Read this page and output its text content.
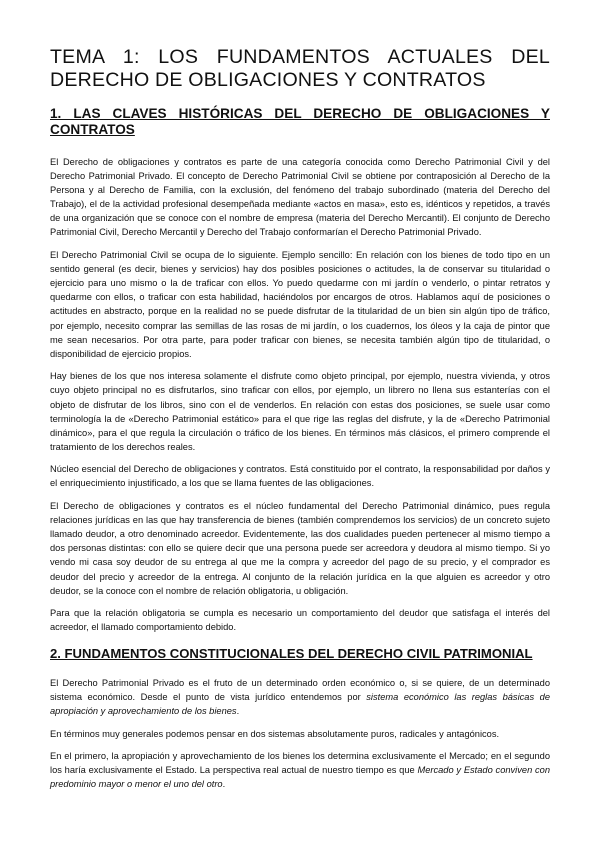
TEMA 1: LOS FUNDAMENTOS ACTUALES DEL DERECHO DE OBLIGACIONES Y CONTRATOS
1. LAS CLAVES HISTÓRICAS DEL DERECHO DE OBLIGACIONES Y CONTRATOS

El Derecho de obligaciones y contratos es parte de una categoría conocida como Derecho Patrimonial Civil y del Derecho Patrimonial Privado. El concepto de Derecho Patrimonial Civil se obtiene por contraposición al Derecho de la Persona y al Derecho de Familia, con la exclusión, del fenómeno del trabajo subordinado (materia del Derecho del Trabajo), el de la actividad profesional desempeñada mediante «actos en masa», esto es, idénticos y repetidos, a través de una organización que se conoce con el nombre de empresa (materia del Derecho Mercantil). El conjunto de Derecho Patrimonial Civil, Derecho Mercantil y Derecho del Trabajo conformarían el Derecho Patrimonial Privado.

El Derecho Patrimonial Civil se ocupa de lo siguiente. Ejemplo sencillo: En relación con los bienes de todo tipo en un sentido general (es decir, bienes y servicios) hay dos posibles posiciones o actitudes, la de conservar su titularidad o ejercicio para uno mismo o la de traficar con ellos. Yo puedo quedarme con mi jardín o venderlo, o pintar retratos y quedarme con ellos, o traficar con esta habilidad, haciéndolos por encargos de otros. Hablamos aquí de posiciones o actitudes en abstracto, porque en la realidad no se puede disfrutar de la titularidad de un bien sin algún tipo de tráfico, por ejemplo, necesito comprar las semillas de las rosas de mi jardín, o los cuadernos, los óleos y la caja de pintor que me sean necesarios. Por otra parte, para poder traficar con bienes, se necesita también algún tipo de titularidad, o disponibilidad de ejercicio propios.

Hay bienes de los que nos interesa solamente el disfrute como objeto principal, por ejemplo, nuestra vivienda, y otros cuyo objeto principal no es disfrutarlos, sino traficar con ellos, por ejemplo, un librero no llena sus estanterías con el objeto de disfrutar de los libros, sino con el de venderlos. En relación con estas dos posiciones, se suele usar como terminología la de «Derecho Patrimonial estático» para el que rige las reglas del disfrute, y la de «Derecho Patrimonial dinámico», para el que regula la circulación o tráfico de los bienes. En términos más clásicos, el primero comprende el tratamiento de los derechos reales.

Núcleo esencial del Derecho de obligaciones y contratos. Está constituido por el contrato, la responsabilidad por daños y el enriquecimiento injustificado, a los que se llama fuentes de las obligaciones.

El Derecho de obligaciones y contratos es el núcleo fundamental del Derecho Patrimonial dinámico, pues regula relaciones jurídicas en las que hay transferencia de bienes (también comprendemos los servicios) de un concreto sujeto llamado deudor, a otro denominado acreedor. Evidentemente, las dos cualidades pueden pertenecer al mismo tiempo a dos personas distintas: con ello se quiere decir que una persona puede ser acreedora y deudora al mismo tiempo. Si yo vendo mi casa soy deudor de su entrega al que me la compra y acreedor del pago de su precio, y el comprador es deudor del precio y acreedor de la entrega. Al conjunto de la relación jurídica en la que alguien es acreedor y otro deudor, se la conoce con el nombre de relación obligatoria, u obligación.

Para que la relación obligatoria se cumpla es necesario un comportamiento del deudor que satisfaga el interés del acreedor, el llamado comportamiento debido.

2. FUNDAMENTOS CONSTITUCIONALES DEL DERECHO CIVIL PATRIMONIAL

El Derecho Patrimonial Privado es el fruto de un determinado orden económico o, si se quiere, de un determinado sistema económico. Desde el punto de vista jurídico entendemos por sistema económico las reglas básicas de apropiación y aprovechamiento de los bienes.

En términos muy generales podemos pensar en dos sistemas absolutamente puros, radicales y antagónicos.

En el primero, la apropiación y aprovechamiento de los bienes los determina exclusivamente el Mercado; en el segundo los haría exclusivamente el Estado. La perspectiva real actual de nuestro tiempo es que Mercado y Estado conviven con predominio mayor o menor el uno del otro.
